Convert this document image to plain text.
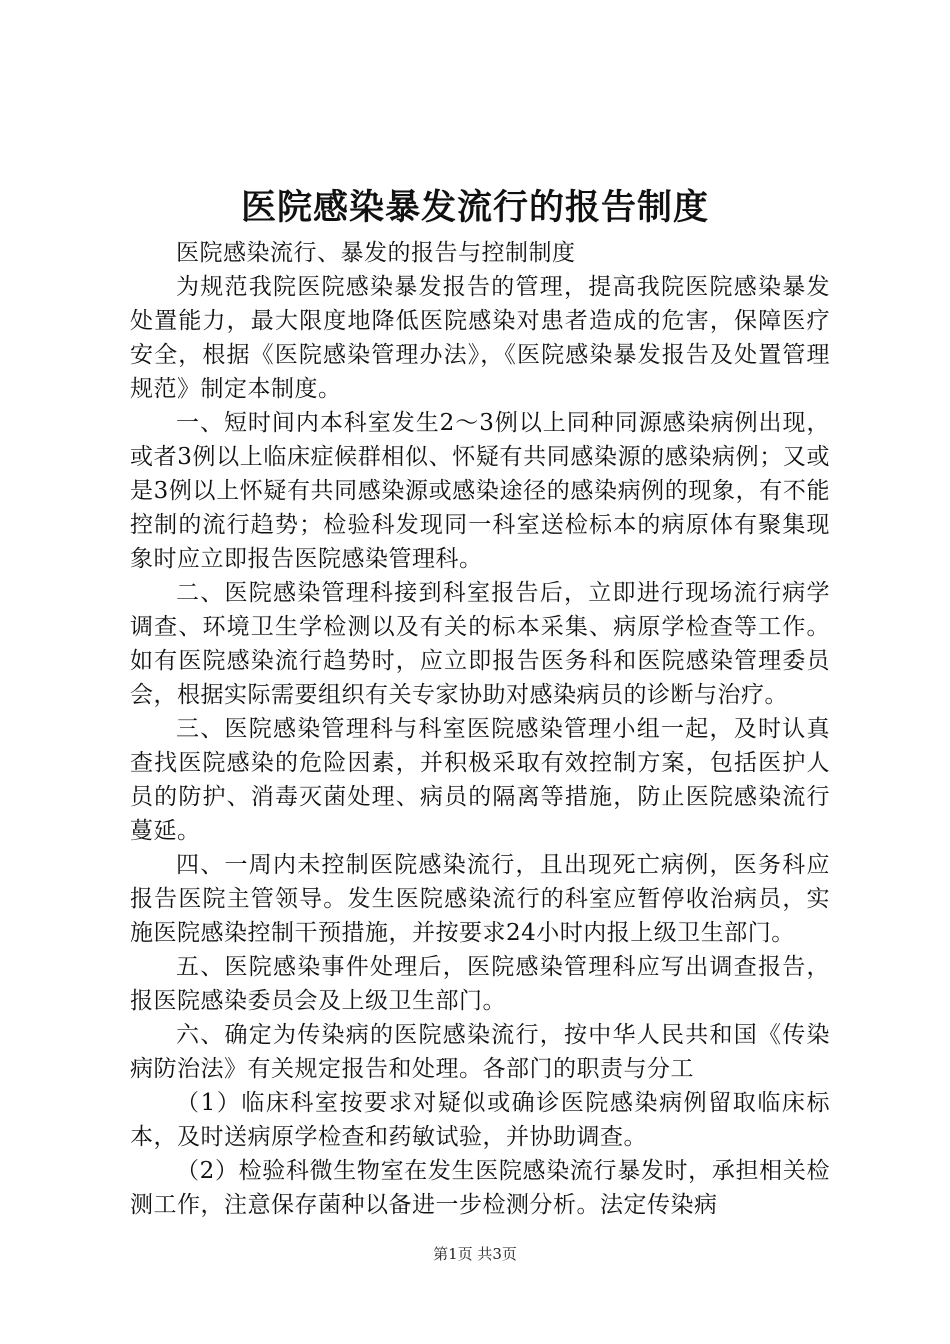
医院感染暴发流行的报告制度

医院感染流行、暴发的报告与控制制度

为规范我院医院感染暴发报告的管理，提高我院医院感染暴发处置能力，最大限度地降低医院感染对患者造成的危害，保障医疗安全，根据《医院感染管理办法》，《医院感染暴发报告及处置管理规范》制定本制度。

一、短时间内本科室发生2～3例以上同种同源感染病例出现，或者3例以上临床症候群相似、怀疑有共同感染源的感染病例；又或是3例以上怀疑有共同感染源或感染途径的感染病例的现象，有不能控制的流行趋势；检验科发现同一科室送检标本的病原体有聚集现象时应立即报告医院感染管理科。

二、医院感染管理科接到科室报告后，立即进行现场流行病学调查、环境卫生学检测以及有关的标本采集、病原学检查等工作。如有医院感染流行趋势时，应立即报告医务科和医院感染管理委员会，根据实际需要组织有关专家协助对感染病员的诊断与治疗。

三、医院感染管理科与科室医院感染管理小组一起，及时认真查找医院感染的危险因素，并积极采取有效控制方案，包括医护人员的防护、消毒灭菌处理、病员的隔离等措施，防止医院感染流行蔓延。

四、一周内未控制医院感染流行，且出现死亡病例，医务科应报告医院主管领导。发生医院感染流行的科室应暂停收治病员，实施医院感染控制干预措施，并按要求24小时内报上级卫生部门。

五、医院感染事件处理后，医院感染管理科应写出调查报告，报医院感染委员会及上级卫生部门。

六、确定为传染病的医院感染流行，按中华人民共和国《传染病防治法》有关规定报告和处理。各部门的职责与分工

（1）临床科室按要求对疑似或确诊医院感染病例留取临床标本，及时送病原学检查和药敏试验，并协助调查。

（2）检验科微生物室在发生医院感染流行暴发时，承担相关检测工作，注意保存菌种以备进一步检测分析。法定传染病

第1页 共3页
